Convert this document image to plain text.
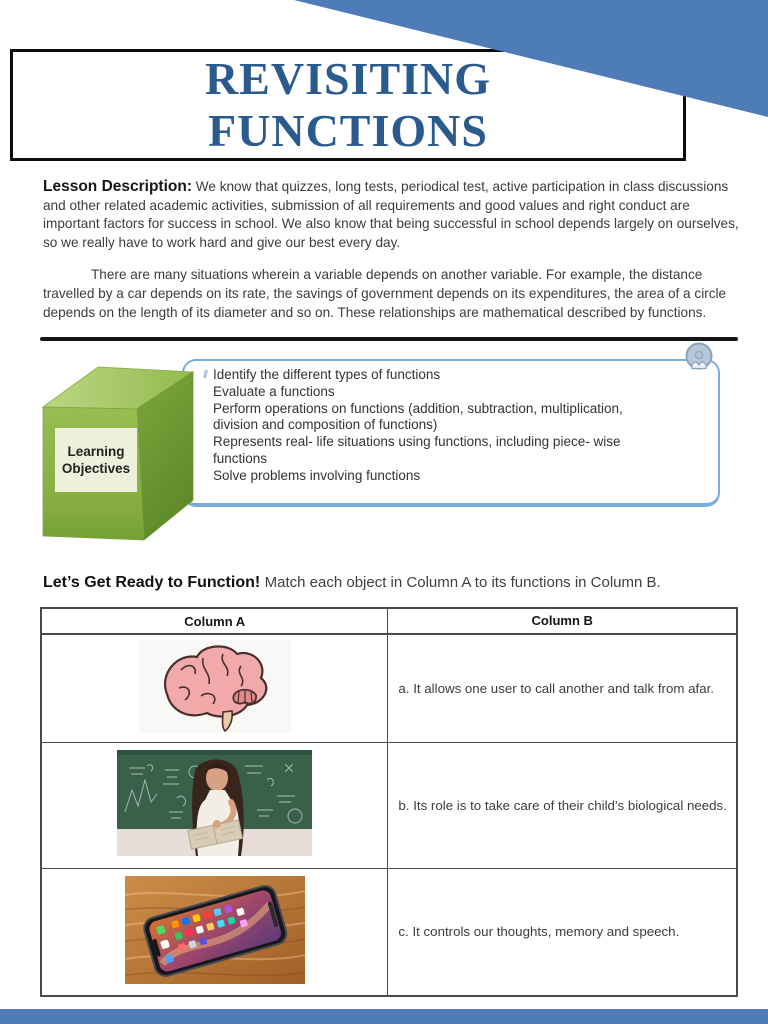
REVISITING
FUNCTIONS

Lesson Description: We know that quizzes, long tests, periodical test, active participation in class discussions and other related academic activities, submission of all requirements and good values and right conduct are important factors for success in school. We also know that being successful in school depends largely on ourselves, so we really have to work hard and give our best every day.

There are many situations wherein a variable depends on another variable. For example, the distance travelled by a car depends on its rate, the savings of government depends on its expenditures, the area of a circle depends on the length of its diameter and so on. These relationships are mathematical described by functions.

Identify the different types of functions
Evaluate a functions
Perform operations on functions (addition, subtraction, multiplication, division and composition of functions)
Represents real- life situations using functions, including piece- wise functions
Solve problems involving functions
Learning
Objectives
Let’s Get Ready to Function! Match each object in Column A to its functions in Column B.
Column A	Column B
	a. It allows one user to call another and talk from afar.
	b. Its role is to take care of their child's biological needs.
	c. It controls our thoughts, memory and speech.
